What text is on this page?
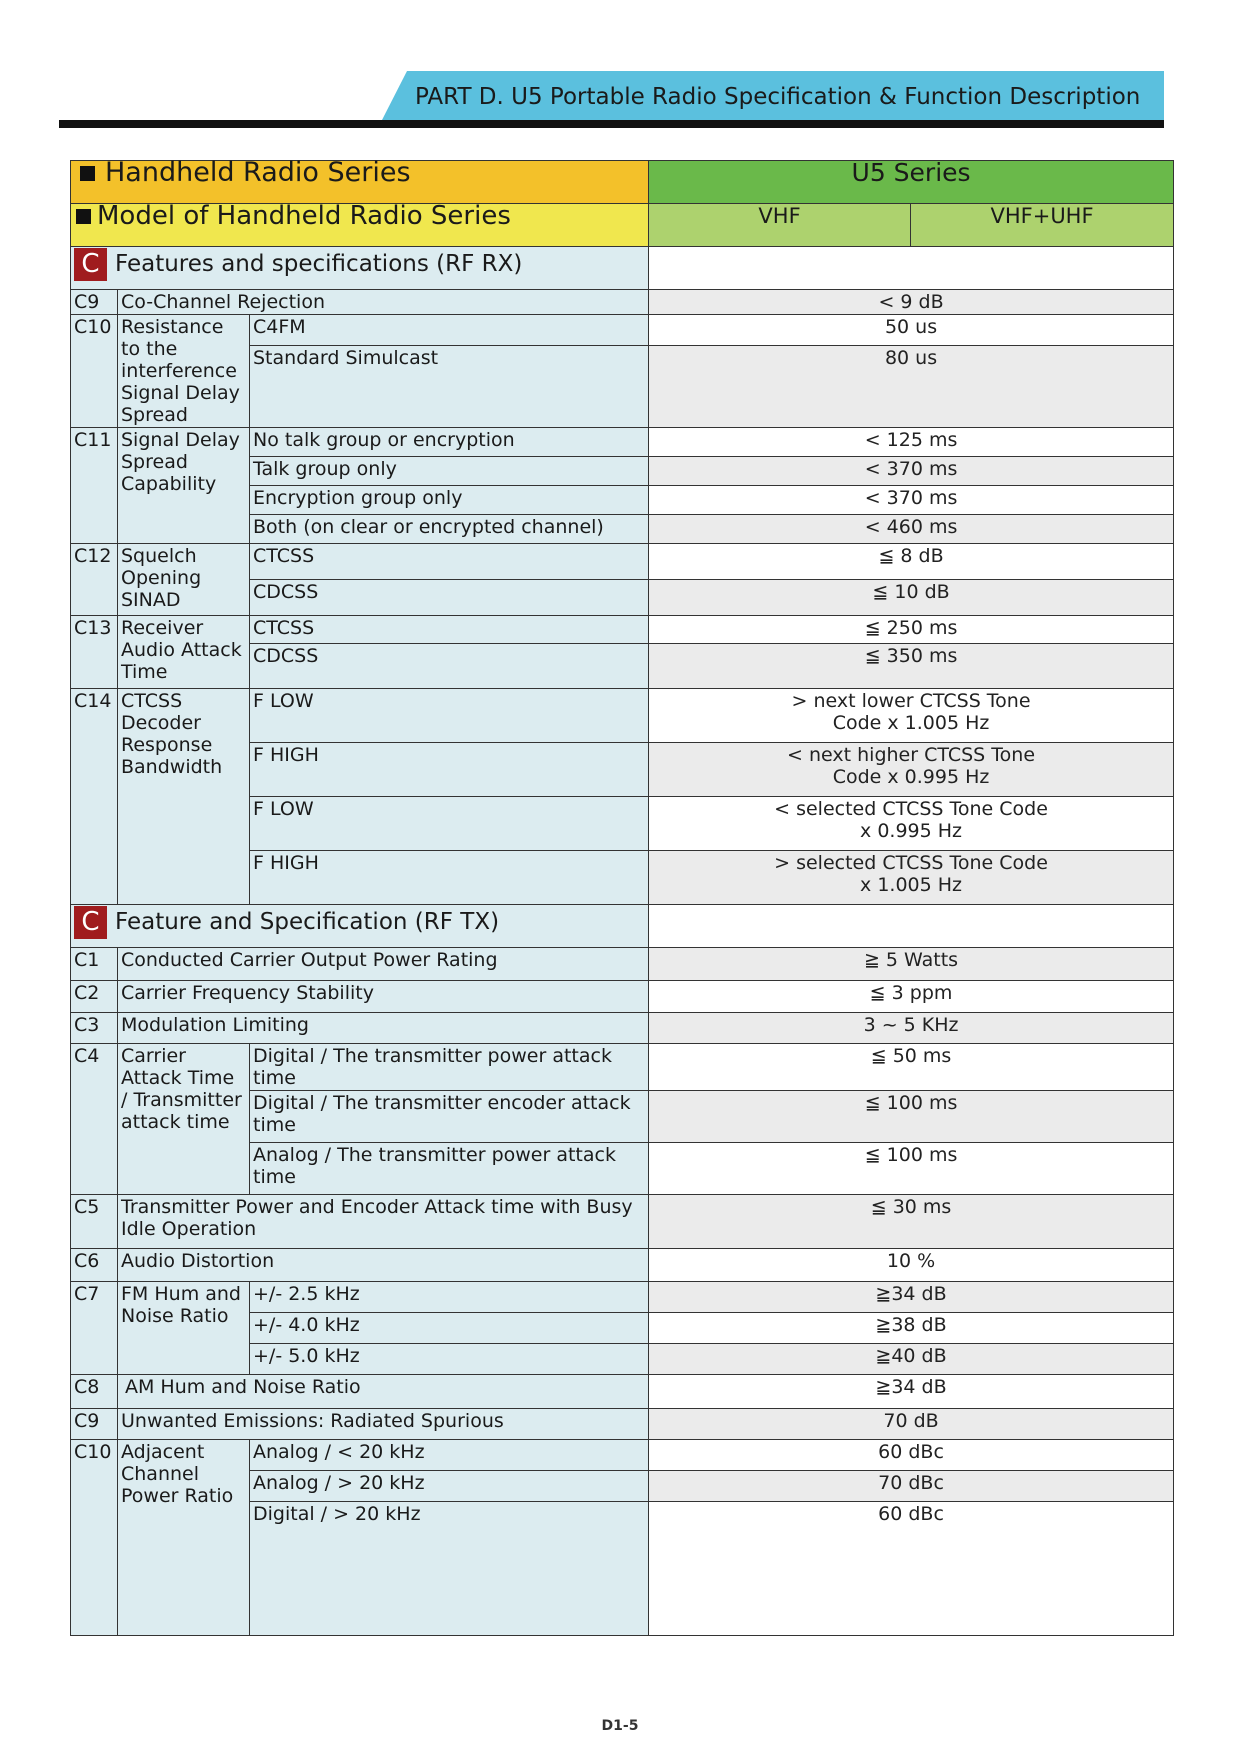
PART D. U5 Portable Radio Specification & Function Description
Handheld Radio Series			U5 Series	
Model of Handheld Radio Series			VHF	VHF+UHF
C Features and specifications (RF RX)				
C9	Co-Channel Rejection		< 9 dB	
C10	Resistance to the interference Signal Delay Spread	C4FM	50 us	
		Standard Simulcast	80 us	
C11	Signal Delay Spread Capability	No talk group or encryption	< 125 ms	
		Talk group only	< 370 ms	
		Encryption group only	< 370 ms	
		Both (on clear or encrypted channel)	< 460 ms	
C12	Squelch Opening SINAD	CTCSS	≦ 8 dB	
		CDCSS	≦ 10 dB	
C13	Receiver Audio Attack Time	CTCSS	≦ 250 ms	
		CDCSS	≦ 350 ms	
C14	CTCSS Decoder Response Bandwidth	F LOW	> next lower CTCSS Tone
Code x 1.005 Hz	

		F HIGH	< next higher CTCSS Tone
Code x 0.995 Hz	

		F LOW	< selected CTCSS Tone Code
x 0.995 Hz	

		F HIGH	> selected CTCSS Tone Code
x 1.005 Hz	

C Feature and Specification (RF TX)				
C1	Conducted Carrier Output Power Rating		≧ 5 Watts	
C2	Carrier Frequency Stability		≦ 3 ppm	
C3	Modulation Limiting		3 ~ 5 KHz	
C4	Carrier Attack Time / Transmitter attack time	Digital / The transmitter power attack time	≦ 50 ms	
		Digital / The transmitter encoder attack time	≦ 100 ms	
		Analog / The transmitter power attack time	≦ 100 ms	
C5	Transmitter Power and Encoder Attack time with Busy Idle Operation		≦ 30 ms	
C6	Audio Distortion		10 %	
C7	FM Hum and Noise Ratio	+/- 2.5 kHz	≧34 dB	
		+/- 4.0 kHz	≧38 dB	
		+/- 5.0 kHz	≧40 dB	
C8	AM Hum and Noise Ratio		≧34 dB	
C9	Unwanted Emissions: Radiated Spurious		70 dB	
C10	Adjacent Channel Power Ratio	Analog / < 20 kHz	60 dBc	
		Analog / > 20 kHz	70 dBc	
		Digital / > 20 kHz	60 dBc	
D1-5
